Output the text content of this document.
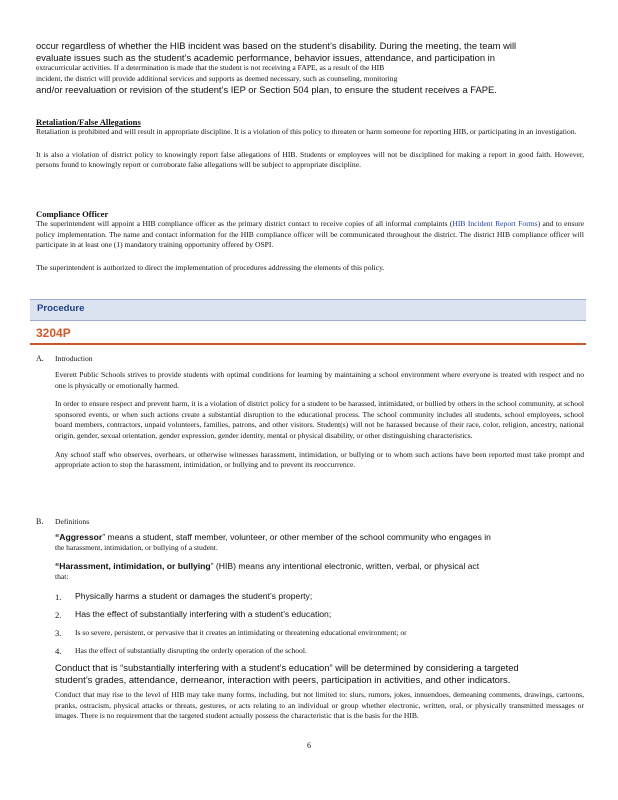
occur regardless of whether the HIB incident was based on the student’s disability. During the meeting, the team will

evaluate issues such as the student’s academic performance, behavior issues, attendance, and participation in

extracurricular activities. If a determination is made that the student is not receiving a FAPE, as a result of the HIB

incident, the district will provide additional services and supports as deemed necessary, such as counseling, monitoring

and/or reevaluation or revision of the student’s IEP or Section 504 plan, to ensure the student receives a FAPE.

Retaliation/False Allegations

Retaliation is prohibited and will result in appropriate discipline. It is a violation of this policy to threaten or harm someone for reporting HIB, or participating in an investigation.

It is also a violation of district policy to knowingly report false allegations of HIB. Students or employees will not be disciplined for making a report in good faith. However, persons found to knowingly report or corroborate false allegations will be subject to appropriate discipline.

Compliance Officer

The superintendent will appoint a HIB compliance officer as the primary district contact to receive copies of all informal complaints (HIB Incident Report Forms) and to ensure policy implementation. The name and contact information for the HIB compliance officer will be communicated throughout the district. The district HIB compliance officer will participate in at least one (1) mandatory training opportunity offered by OSPI.

The superintendent is authorized to direct the implementation of procedures addressing the elements of this policy.

Procedure
3204P
A. Introduction

Everett Public Schools strives to provide students with optimal conditions for learning by maintaining a school environment where everyone is treated with respect and no one is physically or emotionally harmed.

In order to ensure respect and prevent harm, it is a violation of district policy for a student to be harassed, intimidated, or bullied by others in the school community, at school sponsored events, or when such actions create a substantial disruption to the educational process. The school community includes all students, school employees, school board members, contractors, unpaid volunteers, families, patrons, and other visitors. Student(s) will not be harassed because of their race, color, religion, ancestry, national origin, gender, sexual orientation, gender expression, gender identity, mental or physical disability, or other distinguishing characteristics.

Any school staff who observes, overhears, or otherwise witnesses harassment, intimidation, or bullying or to whom such actions have been reported must take prompt and appropriate action to stop the harassment, intimidation, or bullying and to prevent its reoccurrence.

B. Definitions

“Aggressor” means a student, staff member, volunteer, or other member of the school community who engages in

the harassment, intimidation, or bullying of a student.

“Harassment, intimidation, or bullying” (HIB) means any intentional electronic, written, verbal, or physical act

that:

1. Physically harms a student or damages the student’s property;
2. Has the effect of substantially interfering with a student’s education;
3. Is so severe, persistent, or pervasive that it creates an intimidating or threatening educational environment; or
4. Has the effect of substantially disrupting the orderly operation of the school.

Conduct that is “substantially interfering with a student’s education” will be determined by considering a targeted

student’s grades, attendance, demeanor, interaction with peers, participation in activities, and other indicators.

Conduct that may rise to the level of HIB may take many forms, including, but not limited to: slurs, rumors, jokes, innuendoes, demeaning comments, drawings, cartoons, pranks, ostracism, physical attacks or threats, gestures, or acts relating to an individual or group whether electronic, written, oral, or physically transmitted messages or images. There is no requirement that the targeted student actually possess the characteristic that is the basis for the HIB.

6
